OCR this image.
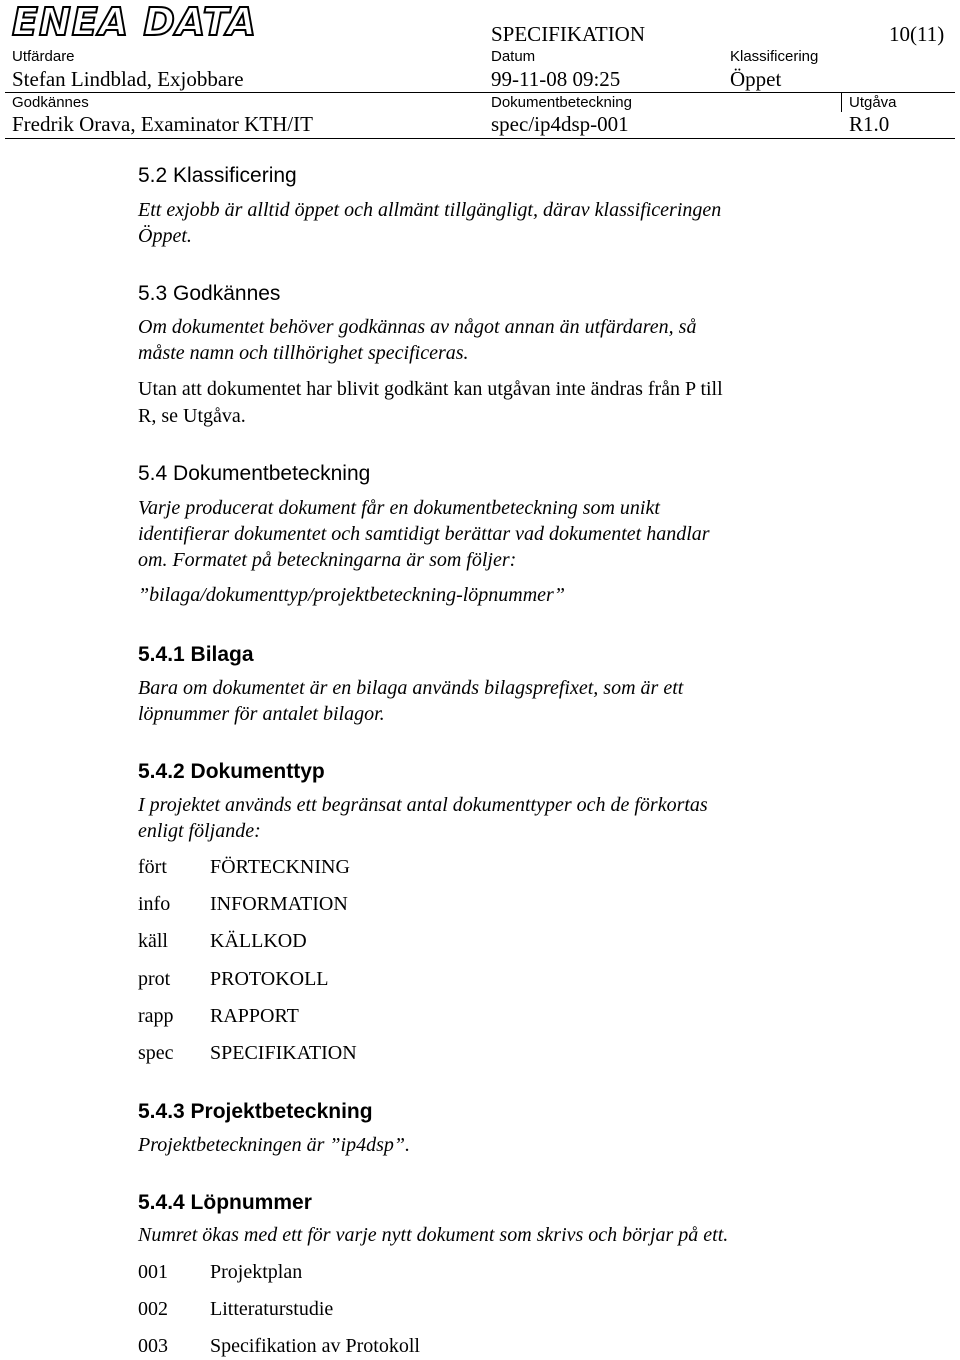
ENEA DATA	SPECIFIKATION	10(11)
Utfärdare	Datum	Klassificering
Stefan Lindblad, Exjobbare	99-11-08 09:25	Öppet
Godkännes	Dokumentbeteckning	Utgåva
Fredrik Orava, Examinator KTH/IT	spec/ip4dsp-001	R1.0
5.2 Klassificering
Ett exjobb är alltid öppet och allmänt tillgängligt, därav klassificeringen
Öppet.
5.3 Godkännes
Om dokumentet behöver godkännas av något annan än utfärdaren, så
måste namn och tillhörighet specificeras.
Utan att dokumentet har blivit godkänt kan utgåvan inte ändras från P till
R, se Utgåva.
5.4 Dokumentbeteckning
Varje producerat dokument får en dokumentbeteckning som unikt
identifierar dokumentet och samtidigt berättar vad dokumentet handlar
om. Formatet på beteckningarna är som följer:
”bilaga/dokumenttyp/projektbeteckning-löpnummer”
5.4.1 Bilaga
Bara om dokumentet är en bilaga används bilagsprefixet, som är ett
löpnummer för antalet bilagor.
5.4.2 Dokumenttyp
I projektet används ett begränsat antal dokumenttyper och de förkortas
enligt följande:
fört FÖRTECKNING
info INFORMATION
käll KÄLLKOD
prot PROTOKOLL
rapp RAPPORT
spec SPECIFIKATION
5.4.3 Projektbeteckning
Projektbeteckningen är ”ip4dsp”.
5.4.4 Löpnummer
Numret ökas med ett för varje nytt dokument som skrivs och börjar på ett.
001 Projektplan
002 Litteraturstudie
003 Specifikation av Protokoll
